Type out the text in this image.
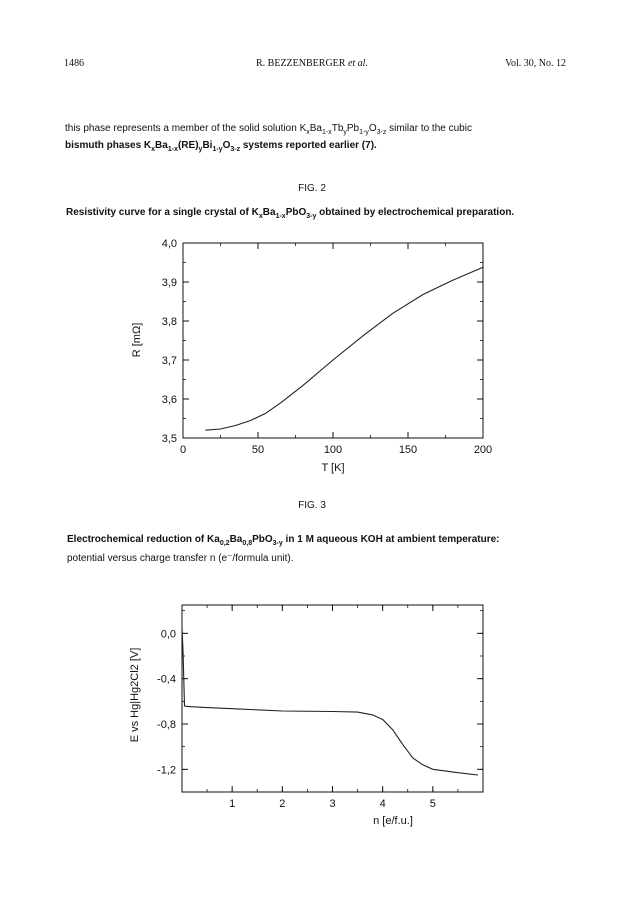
1486	R. BEZZENBERGER et al.	Vol. 30, No. 12
this phase represents a member of the solid solution $K_xBa_{1-x}Tb_yPb_{1-y}O_{3-z}$ similar to the cubic
bismuth phases $K_xBa_{1-x}(RE)_yBi_{1-y}O_{3-z}$ systems reported earlier (7).
FIG. 2
Resistivity curve for a single crystal of $K_xBa_{1-x}PbO_{3-y}$ obtained by electrochemical preparation.
0	50	100	150	200
3,5
3,6
3,7
3,8
3,9
4,0
R [mΩ]
T [K]
FIG. 3
Electrochemical reduction of $Ka_{0,2}Ba_{0,8}PbO_{3-y}$ in 1 M aqueous KOH at ambient temperature:
potential versus charge transfer n (e⁻/formula unit).
1	2	3	4	5
0,0
-0,4
-0,8
-1,2
E vs Hg|Hg2Cl2 [V]
n [e/f.u.]
